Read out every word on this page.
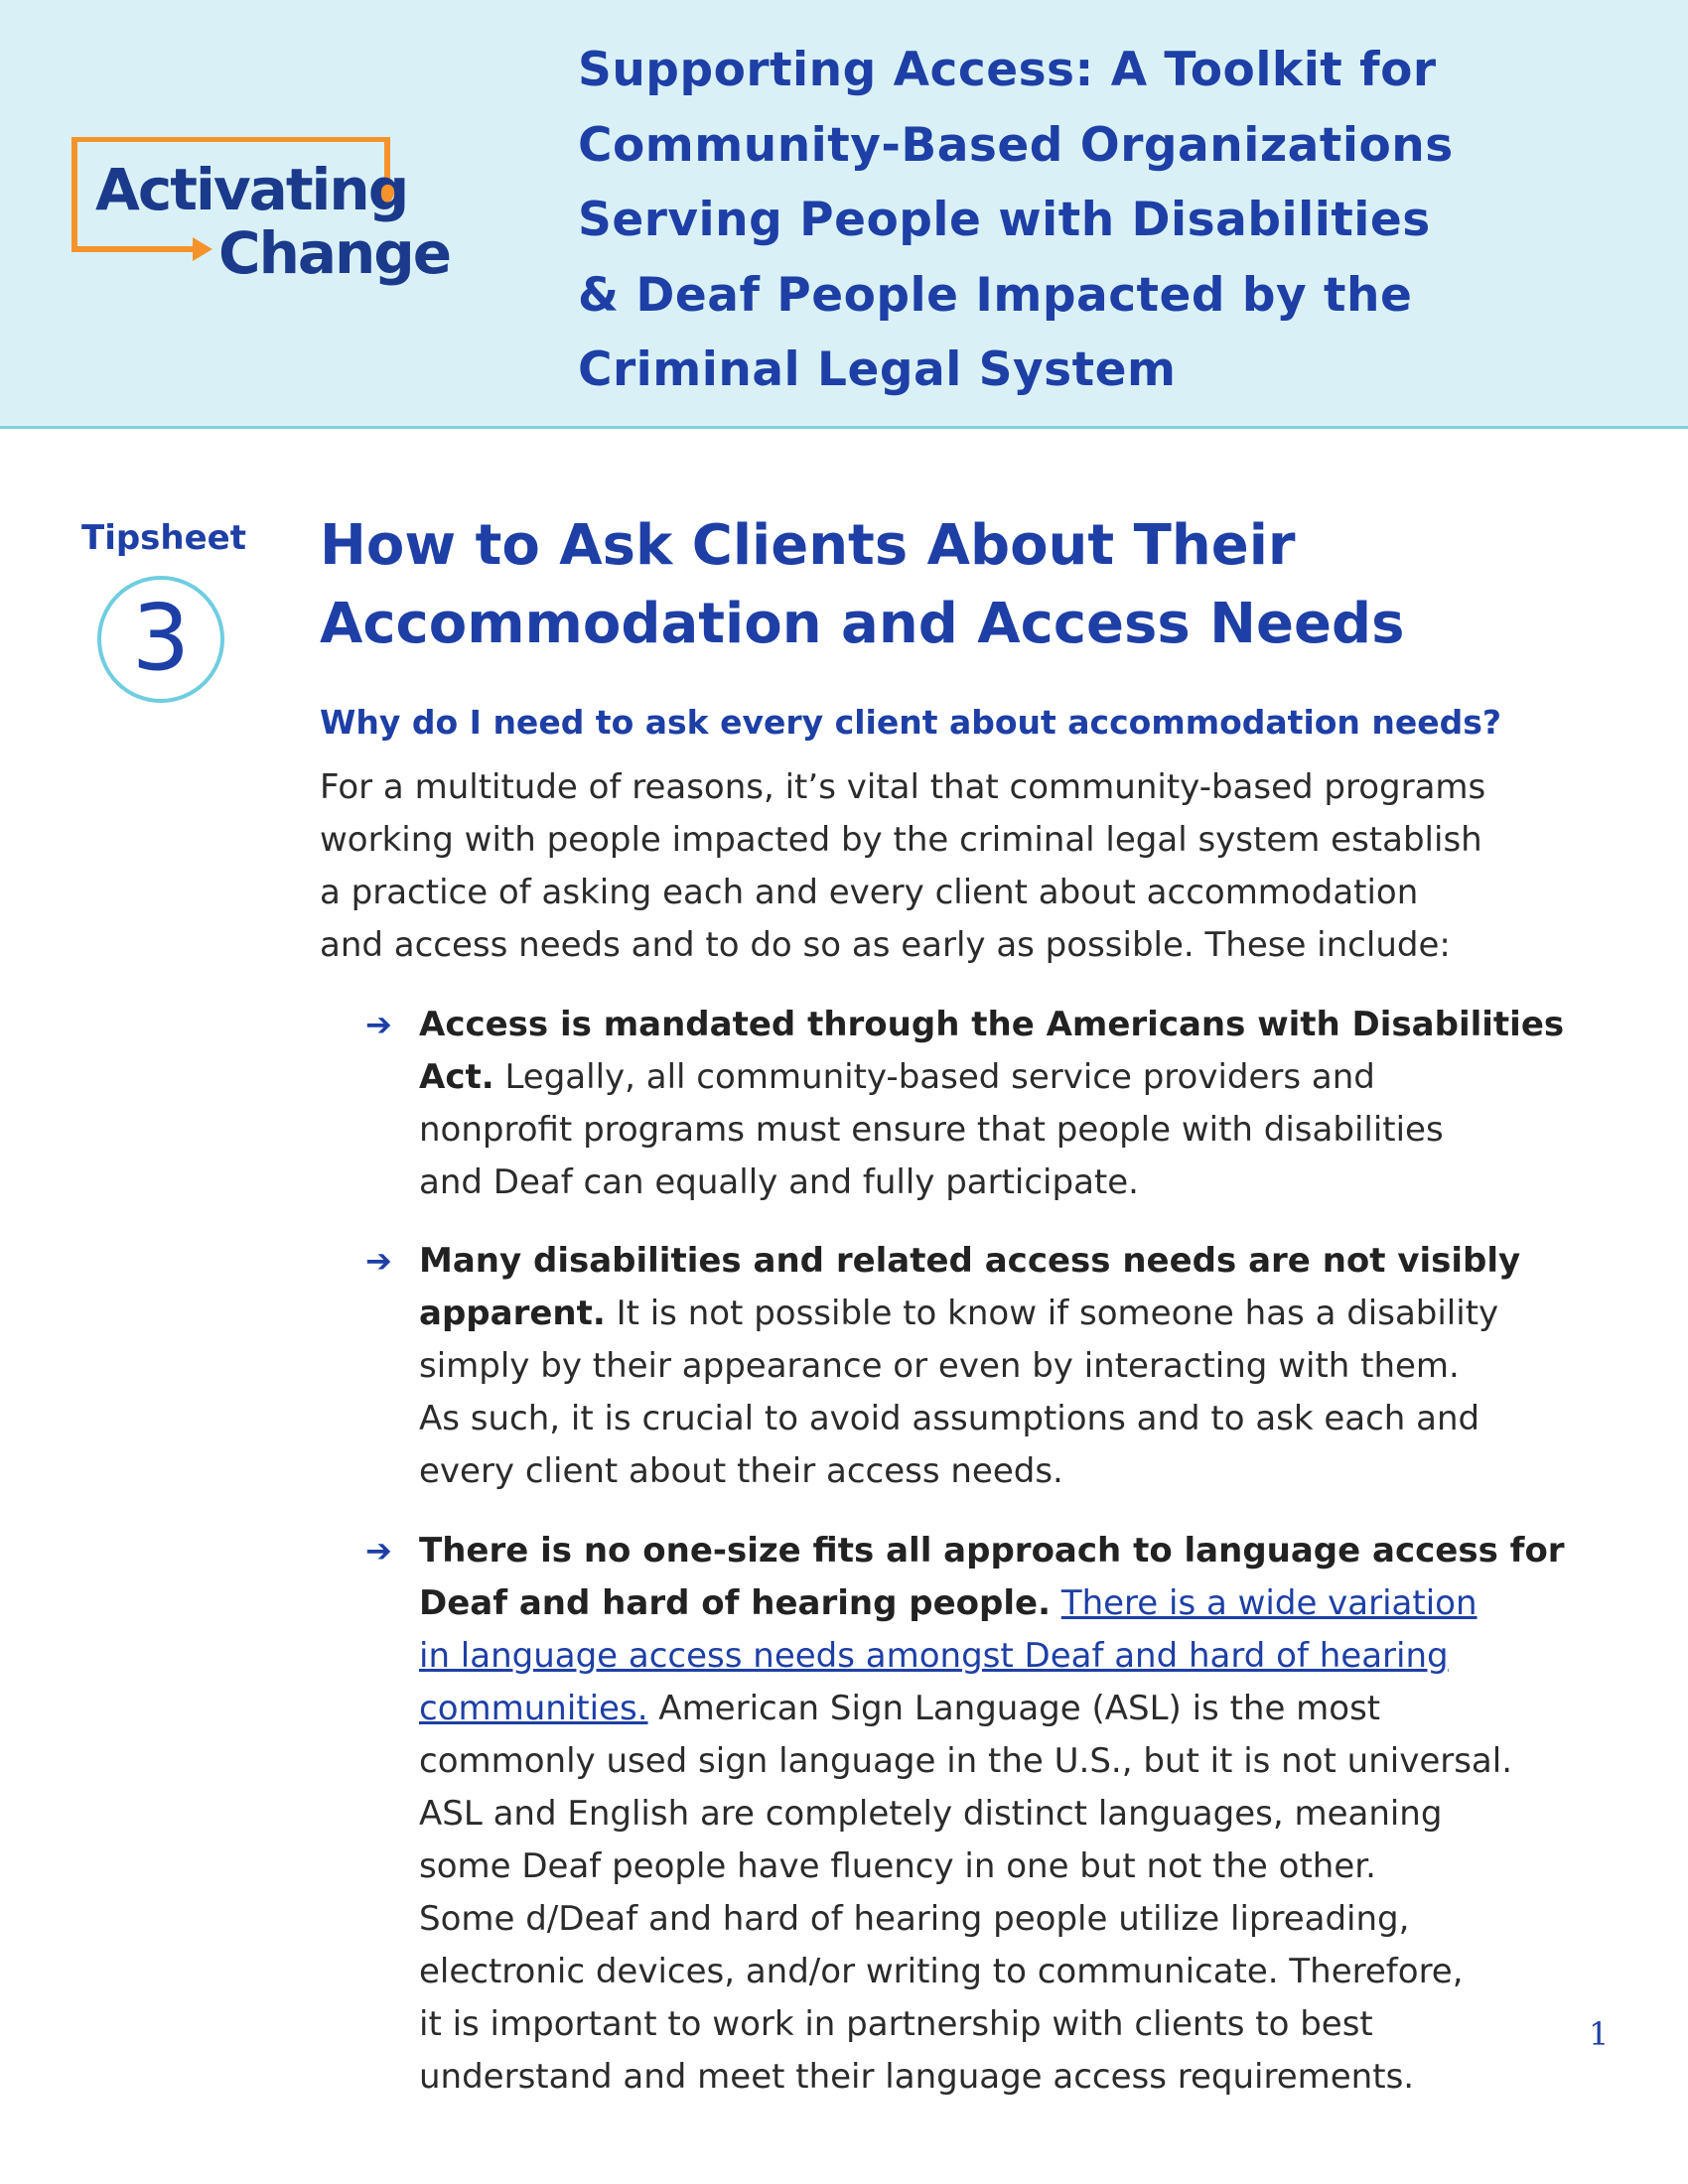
Activating
Change
Supporting Access: A Toolkit for
Community-Based Organizations
Serving People with Disabilities
& Deaf People Impacted by the
Criminal Legal System
Tipsheet
3
How to Ask Clients About Their
Accommodation and Access Needs
Why do I need to ask every client about accommodation needs?

For a multitude of reasons, it’s vital that community-based programs
working with people impacted by the criminal legal system establish
a practice of asking each and every client about accommodation
and access needs and to do so as early as possible. These include:

➔ Access is mandated through the Americans with Disabilities
Act. Legally, all community-based service providers and
nonprofit programs must ensure that people with disabilities
and Deaf can equally and fully participate.
➔ Many disabilities and related access needs are not visibly
apparent. It is not possible to know if someone has a disability
simply by their appearance or even by interacting with them.
As such, it is crucial to avoid assumptions and to ask each and
every client about their access needs.
➔ There is no one-size fits all approach to language access for
Deaf and hard of hearing people. There is a wide variation
in language access needs amongst Deaf and hard of hearing
communities. American Sign Language (ASL) is the most
commonly used sign language in the U.S., but it is not universal.
ASL and English are completely distinct languages, meaning
some Deaf people have fluency in one but not the other.
Some d/Deaf and hard of hearing people utilize lipreading,
electronic devices, and/or writing to communicate. Therefore,
it is important to work in partnership with clients to best
understand and meet their language access requirements.
1
